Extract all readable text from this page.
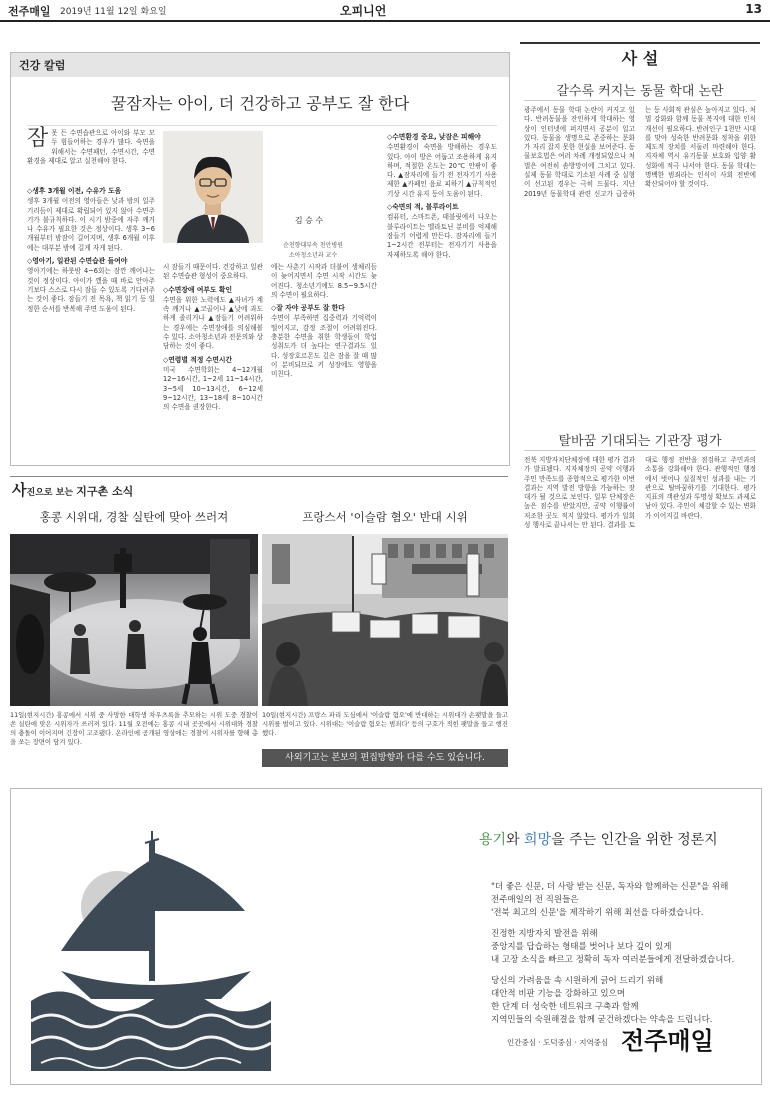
전주매일 2019년 11월 12일 화요일	오피니언	13
건강 칼럼
꿀잠자는 아이, 더 건강하고 공부도 잘 한다
잠 못 든 수면습관으로 아이와 부모 모두 힘들어하는 경우가 많다. 숙면을 위해서는 수면패턴, 수면시간, 수면환경을 제대로 알고 실천해야 한다.
김 승 수
순천향대부속 천안병원
소아청소년과 교수
◇생후 3개월 이전, 수유가 도움

생후 3개월 이전의 영아들은 낮과 밤의 일주기리듬이 제대로 확립되어 있지 않아 수면주기가 불규칙하다. 이 시기 밤중에 자주 깨거나 수유가 필요한 것은 정상이다. 생후 3~6개월부터 밤잠이 길어지며, 생후 6개월 이후에는 대부분 밤에 길게 자게 된다.

◇영아기, 일관된 수면습관 들여야

영아기에는 하룻밤 4~6회는 잠깐 깨어나는 것이 정상이다. 아이가 깼을 때 바로 안아주기보다 스스로 다시 잠들 수 있도록 기다려주는 것이 좋다. 잠들기 전 목욕, 책 읽기 등 일정한 순서를 반복해 주면 도움이 된다.

시 잠들기 때문이다. 건강하고 일관된 수면습관 형성이 중요하다.

◇수면장애 여부도 확인

수면을 위한 노력에도 ▲자녀가 계속 깨거나 ▲코골이나 ▲낮에 과도하게 졸리거나 ▲잠들기 어려워하는 경우에는 수면장애를 의심해볼 수 있다. 소아청소년과 전문의와 상담하는 것이 좋다.

◇연령별 적정 수면시간

미국 수면학회는 4~12개월 12~16시간, 1~2세 11~14시간, 3~5세 10~13시간, 6~12세 9~12시간, 13~18세 8~10시간의 수면을 권장한다.

에는 사춘기 시작과 더불어 생체리듬이 늦어지면서 수면 시작 시간도 늦어진다. 청소년기에도 8.5~9.5시간의 수면이 필요하다.

◇잘 자야 공부도 잘 한다

수면이 부족하면 집중력과 기억력이 떨어지고, 감정 조절이 어려워진다. 충분한 수면을 취한 학생들이 학업 성취도가 더 높다는 연구결과도 있다. 성장호르몬도 깊은 잠을 잘 때 많이 분비되므로 키 성장에도 영향을 미친다.

◇수면환경 중요, 낮잠은 피해야

수면환경이 숙면을 방해하는 경우도 있다. 아이 방은 어둡고 조용하게 유지하며, 적절한 온도는 20℃ 안팎이 좋다. ▲잠자리에 들기 전 전자기기 사용 제한 ▲카페인 음료 피하기 ▲규칙적인 기상 시간 유지 등이 도움이 된다.

◇숙면의 적, 블루라이트

컴퓨터, 스마트폰, 태블릿에서 나오는 블루라이트는 멜라토닌 분비를 억제해 잠들기 어렵게 만든다. 잠자리에 들기 1~2시간 전부터는 전자기기 사용을 자제하도록 해야 한다.

사 설
갈수록 커지는 동물 학대 논란

광주에서 동물 학대 논란이 커지고 있다. 반려동물을 잔인하게 학대하는 영상이 인터넷에 퍼지면서 공분이 일고 있다. 동물을 생명으로 존중하는 문화가 자리 잡지 못한 현실을 보여준다. 동물보호법은 여러 차례 개정되었으나 처벌은 여전히 솜방망이에 그치고 있다. 실제 동물 학대로 기소된 사례 중 실형이 선고된 경우는 극히 드물다. 지난 2019년 동물학대 관련 신고가 급증하는 등 사회적 관심은 높아지고 있다. 처벌 강화와 함께 동물 복지에 대한 인식 개선이 필요하다. 반려인구 1천만 시대를 맞아 성숙한 반려문화 정착을 위한 제도적 장치를 서둘러 마련해야 한다. 지자체 역시 유기동물 보호와 입양 활성화에 적극 나서야 한다. 동물 학대는 명백한 범죄라는 인식이 사회 전반에 확산되어야 할 것이다.

탈바꿈 기대되는 기관장 평가

전북 지방자치단체장에 대한 평가 결과가 발표됐다. 지자체장의 공약 이행과 주민 만족도를 종합적으로 평가한 이번 결과는 지역 발전 방향을 가늠하는 잣대가 될 것으로 보인다. 일부 단체장은 높은 점수를 받았지만, 공약 이행률이 저조한 곳도 적지 않았다. 평가가 일회성 행사로 끝나서는 안 된다. 결과를 토대로 행정 전반을 점검하고 주민과의 소통을 강화해야 한다. 관행적인 행정에서 벗어나 실질적인 성과를 내는 기관으로 탈바꿈하기를 기대한다. 평가 지표의 객관성과 투명성 확보도 과제로 남아 있다. 주민이 체감할 수 있는 변화가 이어지길 바란다.

사진으로 보는 지구촌 소식
홍콩 시위대, 경찰 실탄에 맞아 쓰러져	프랑스서 '이슬람 혐오' 반대 시위
11일(현지시간) 홍콩에서 시위 중 사망한 대학생 차우츠록을 추모하는 시위 도중 경찰이 쏜 실탄에 맞은 시위자가 쓰러져 있다. 11월 오전에는 홍콩 시내 곳곳에서 시위대와 경찰의 충돌이 이어지며 긴장이 고조됐다. 온라인에 공개된 영상에는 경찰이 시위자를 향해 총을 쏘는 장면이 담겨 있다.
10일(현지시간) 프랑스 파리 도심에서 '이슬람 혐오'에 반대하는 시위대가 손팻말을 들고 시위를 벌이고 있다. 시위대는 '이슬람 혐오는 범죄다' 등의 구호가 적힌 팻말을 들고 행진했다.
사외기고는 본보의 편집방향과 다를 수도 있습니다.
용기와 희망을 주는 인간을 위한 정론지

"더 좋은 신문, 더 사랑 받는 신문, 독자와 함께하는 신문"을 위해
전주매일의 전 직원들은
'전북 최고의 신문'을 제작하기 위해 최선을 다하겠습니다.

진정한 지방자치 발전을 위해
중앙지를 답습하는 형태를 벗어나 보다 깊이 있게
내 고장 소식을 빠르고 정확히 독자 여러분들에게 전달하겠습니다.

당신의 가려움을 속 시원하게 긁어 드리기 위해
대안적 비판 기능을 강화하고 있으며
한 단계 더 성숙한 네트워크 구축과 함께
지역민들의 숙원해결을 함께 굳건하겠다는 약속을 드립니다.

인간중심 · 도덕중심 · 지역중심 전주매일
